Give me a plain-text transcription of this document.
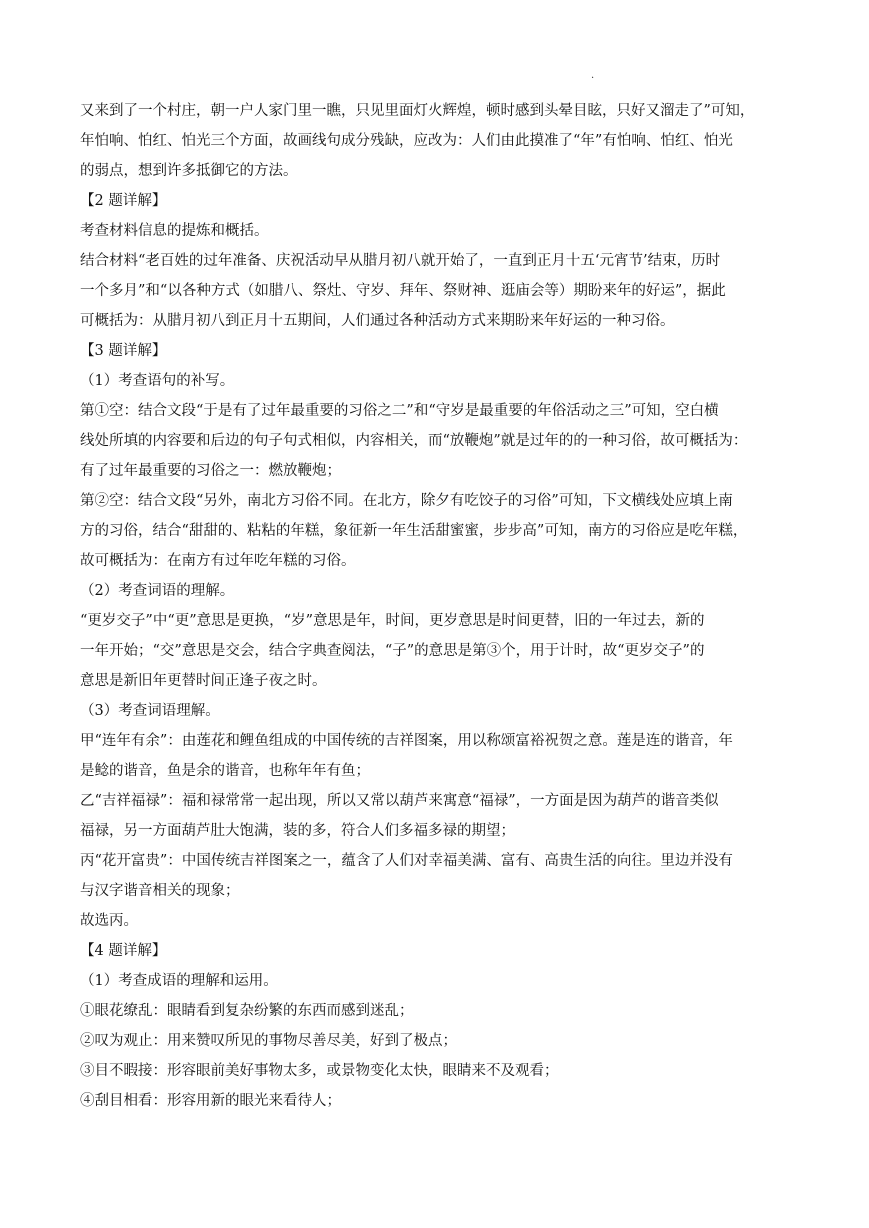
.

又来到了一个村庄，朝一户人家门里一瞧，只见里面灯火辉煌，顿时感到头晕目眩，只好又溜走了”可知，

年怕响、怕红、怕光三个方面，故画线句成分残缺，应改为：人们由此摸准了“年”有怕响、怕红、怕光

的弱点，想到许多抵御它的方法。

【2 题详解】

考查材料信息的提炼和概括。

结合材料“老百姓的过年准备、庆祝活动早从腊月初八就开始了，一直到正月十五‘元宵节’结束，历时

一个多月”和“以各种方式（如腊八、祭灶、守岁、拜年、祭财神、逛庙会等）期盼来年的好运”，据此

可概括为：从腊月初八到正月十五期间，人们通过各种活动方式来期盼来年好运的一种习俗。

【3 题详解】

（1）考查语句的补写。

第①空：结合文段“于是有了过年最重要的习俗之二”和“守岁是最重要的年俗活动之三”可知，空白横

线处所填的内容要和后边的句子句式相似，内容相关，而“放鞭炮”就是过年的的一种习俗，故可概括为：

有了过年最重要的习俗之一：燃放鞭炮；

第②空：结合文段“另外，南北方习俗不同。在北方，除夕有吃饺子的习俗”可知，下文横线处应填上南

方的习俗，结合“甜甜的、粘粘的年糕，象征新一年生活甜蜜蜜，步步高”可知，南方的习俗应是吃年糕，

故可概括为：在南方有过年吃年糕的习俗。

（2）考查词语的理解。

“更岁交子”中“更”意思是更换，“岁”意思是年，时间，更岁意思是时间更替，旧的一年过去，新的

一年开始；“交”意思是交会，结合字典查阅法，“子”的意思是第③个，用于计时，故“更岁交子”的

意思是新旧年更替时间正逢子夜之时。

（3）考查词语理解。

甲“连年有余”：由莲花和鲤鱼组成的中国传统的吉祥图案，用以称颂富裕祝贺之意。莲是连的谐音，年

是鲶的谐音，鱼是余的谐音，也称年年有鱼；

乙“吉祥福禄”：福和禄常常一起出现，所以又常以葫芦来寓意“福禄”，一方面是因为葫芦的谐音类似

福禄，另一方面葫芦肚大饱满，装的多，符合人们多福多禄的期望；

丙“花开富贵”：中国传统吉祥图案之一，蕴含了人们对幸福美满、富有、高贵生活的向往。里边并没有

与汉字谐音相关的现象；

故选丙。

【4 题详解】

（1）考查成语的理解和运用。

①眼花缭乱：眼睛看到复杂纷繁的东西而感到迷乱；

②叹为观止：用来赞叹所见的事物尽善尽美，好到了极点；

③目不暇接：形容眼前美好事物太多，或景物变化太快，眼睛来不及观看；

④刮目相看：形容用新的眼光来看待人；
